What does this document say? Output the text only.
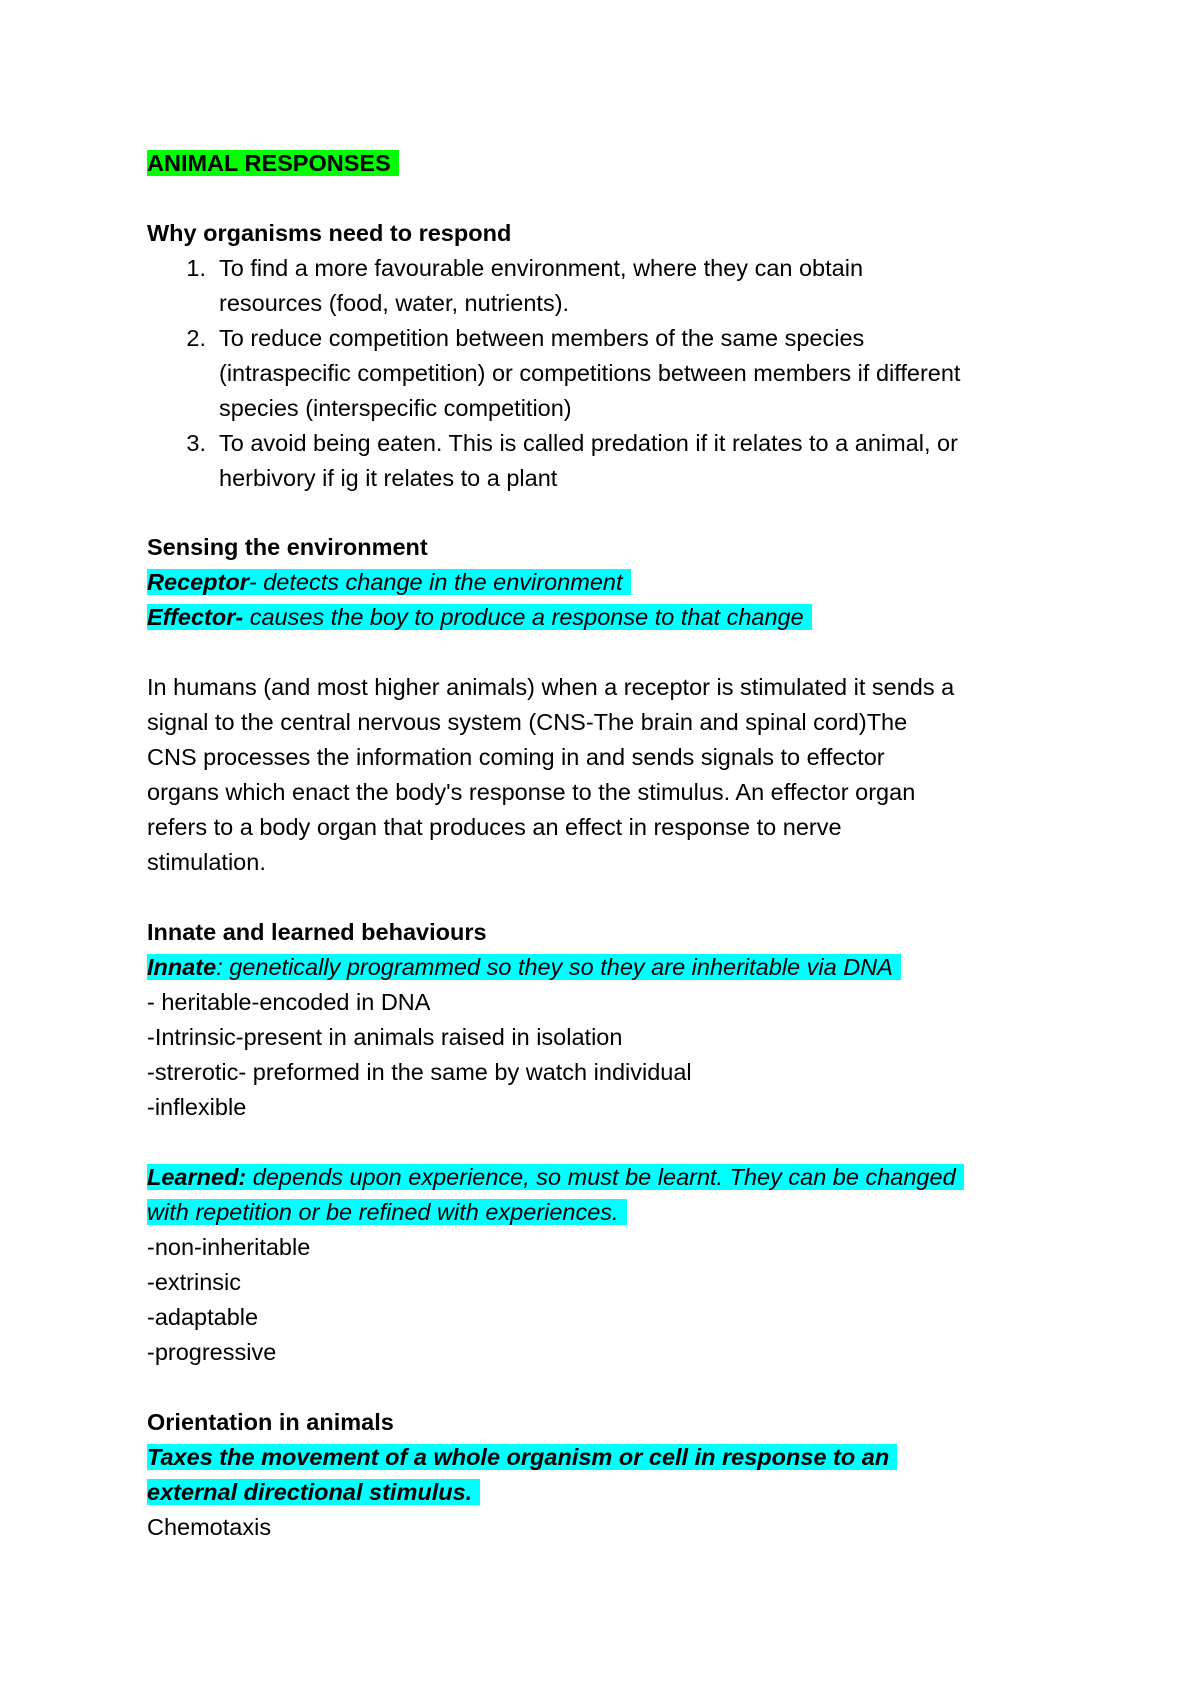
ANIMAL RESPONSES
Why organisms need to respond
1. To find a more favourable environment, where they can obtain
resources (food, water, nutrients).
2. To reduce competition between members of the same species
(intraspecific competition) or competitions between members if different
species (interspecific competition)
3. To avoid being eaten. This is called predation if it relates to a animal, or
herbivory if ig it relates to a plant
Sensing the environment
Receptor- detects change in the environment
Effector- causes the boy to produce a response to that change
In humans (and most higher animals) when a receptor is stimulated it sends a
signal to the central nervous system (CNS-The brain and spinal cord)The
CNS processes the information coming in and sends signals to effector
organs which enact the body's response to the stimulus. An effector organ
refers to a body organ that produces an effect in response to nerve
stimulation.
Innate and learned behaviours
Innate: genetically programmed so they so they are inheritable via DNA
- heritable-encoded in DNA
-Intrinsic-present in animals raised in isolation
-strerotic- preformed in the same by watch individual
-inflexible
Learned: depends upon experience, so must be learnt. They can be changed
with repetition or be refined with experiences.
-non-inheritable
-extrinsic
-adaptable
-progressive
Orientation in animals
Taxes the movement of a whole organism or cell in response to an
external directional stimulus.
Chemotaxis
